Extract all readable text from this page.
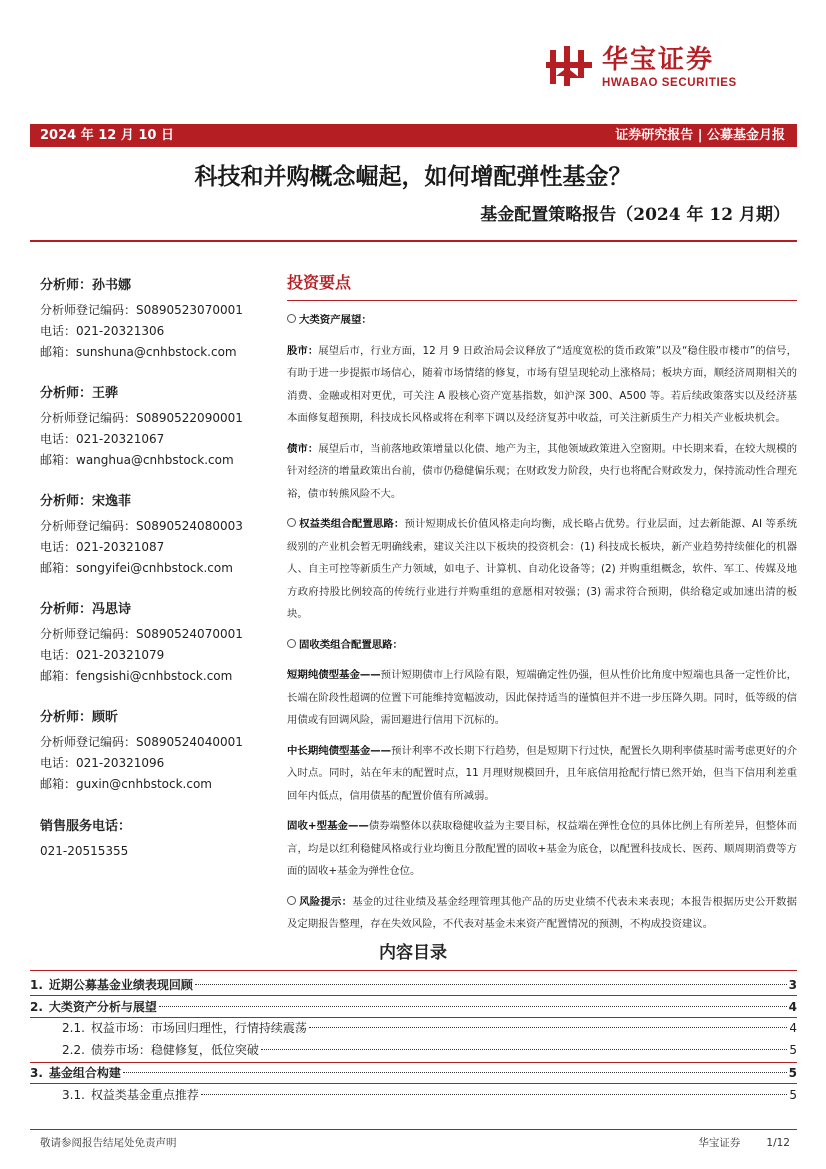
华宝证券
HWABAO SECURITIES
2024 年 12 月 10 日	证券研究报告 | 公募基金月报
科技和并购概念崛起，如何增配弹性基金？
基金配置策略报告（2024 年 12 月期）
分析师：孙书娜
分析师登记编码：S0890523070001
电话：021-20321306
邮箱：sunshuna@cnhbstock.com
分析师：王骅
分析师登记编码：S0890522090001
电话：021-20321067
邮箱：wanghua@cnhbstock.com
分析师：宋逸菲
分析师登记编码：S0890524080003
电话：021-20321087
邮箱：songyifei@cnhbstock.com
分析师：冯思诗
分析师登记编码：S0890524070001
电话：021-20321079
邮箱：fengsishi@cnhbstock.com
分析师：顾昕
分析师登记编码：S0890524040001
电话：021-20321096
邮箱：guxin@cnhbstock.com
销售服务电话：
021-20515355
投资要点

大类资产展望：

股市：展望后市，行业方面，12 月 9 日政治局会议释放了“适度宽松的货币政策”以及“稳住股市楼市”的信号，有助于进一步提振市场信心，随着市场情绪的修复，市场有望呈现轮动上涨格局；板块方面，顺经济周期相关的消费、金融或相对更优，可关注 A 股核心资产宽基指数，如沪深 300、A500 等。若后续政策落实以及经济基本面修复超预期，科技成长风格或将在利率下调以及经济复苏中收益，可关注新质生产力相关产业板块机会。

债市：展望后市，当前落地政策增量以化债、地产为主，其他领域政策进入空窗期。中长期来看，在较大规模的针对经济的增量政策出台前，债市仍稳健偏乐观；在财政发力阶段，央行也将配合财政发力，保持流动性合理充裕，债市转熊风险不大。

权益类组合配置思路：预计短期成长价值风格走向均衡，成长略占优势。行业层面，过去新能源、AI 等系统级别的产业机会暂无明确线索，建议关注以下板块的投资机会：(1) 科技成长板块，新产业趋势持续催化的机器人、自主可控等新质生产力领域，如电子、计算机、自动化设备等；(2) 并购重组概念，软件、军工、传媒及地方政府持股比例较高的传统行业进行并购重组的意愿相对较强；(3) 需求符合预期，供给稳定或加速出清的板块。

固收类组合配置思路：

短期纯债型基金——预计短期债市上行风险有限，短端确定性仍强，但从性价比角度中短端也具备一定性价比，长端在阶段性超调的位置下可能维持宽幅波动，因此保持适当的谨慎但并不进一步压降久期。同时，低等级的信用债或有回调风险，需回避进行信用下沉标的。

中长期纯债型基金——预计利率不改长期下行趋势，但是短期下行过快，配置长久期利率债基时需考虑更好的介入时点。同时，站在年末的配置时点，11 月理财规模回升，且年底信用抢配行情已然开始，但当下信用利差重回年内低点，信用债基的配置价值有所减弱。

固收+型基金——债券端整体以获取稳健收益为主要目标，权益端在弹性仓位的具体比例上有所差异，但整体而言，均是以红利稳健风格或行业均衡且分散配置的固收+基金为底仓，以配置科技成长、医药、顺周期消费等方面的固收+基金为弹性仓位。

风险提示：基金的过往业绩及基金经理管理其他产品的历史业绩不代表未来表现；本报告根据历史公开数据及定期报告整理，存在失效风险，不代表对基金未来资产配置情况的预测，不构成投资建议。

内容目录
1. 近期公募基金业绩表现回顾	3
2. 大类资产分析与展望	4
2.1. 权益市场：市场回归理性，行情持续震荡	4
2.2. 债券市场：稳健修复，低位突破	5
3. 基金组合构建	5
3.1. 权益类基金重点推荐	5
敬请参阅报告结尾处免责声明	华宝证券 1/12
